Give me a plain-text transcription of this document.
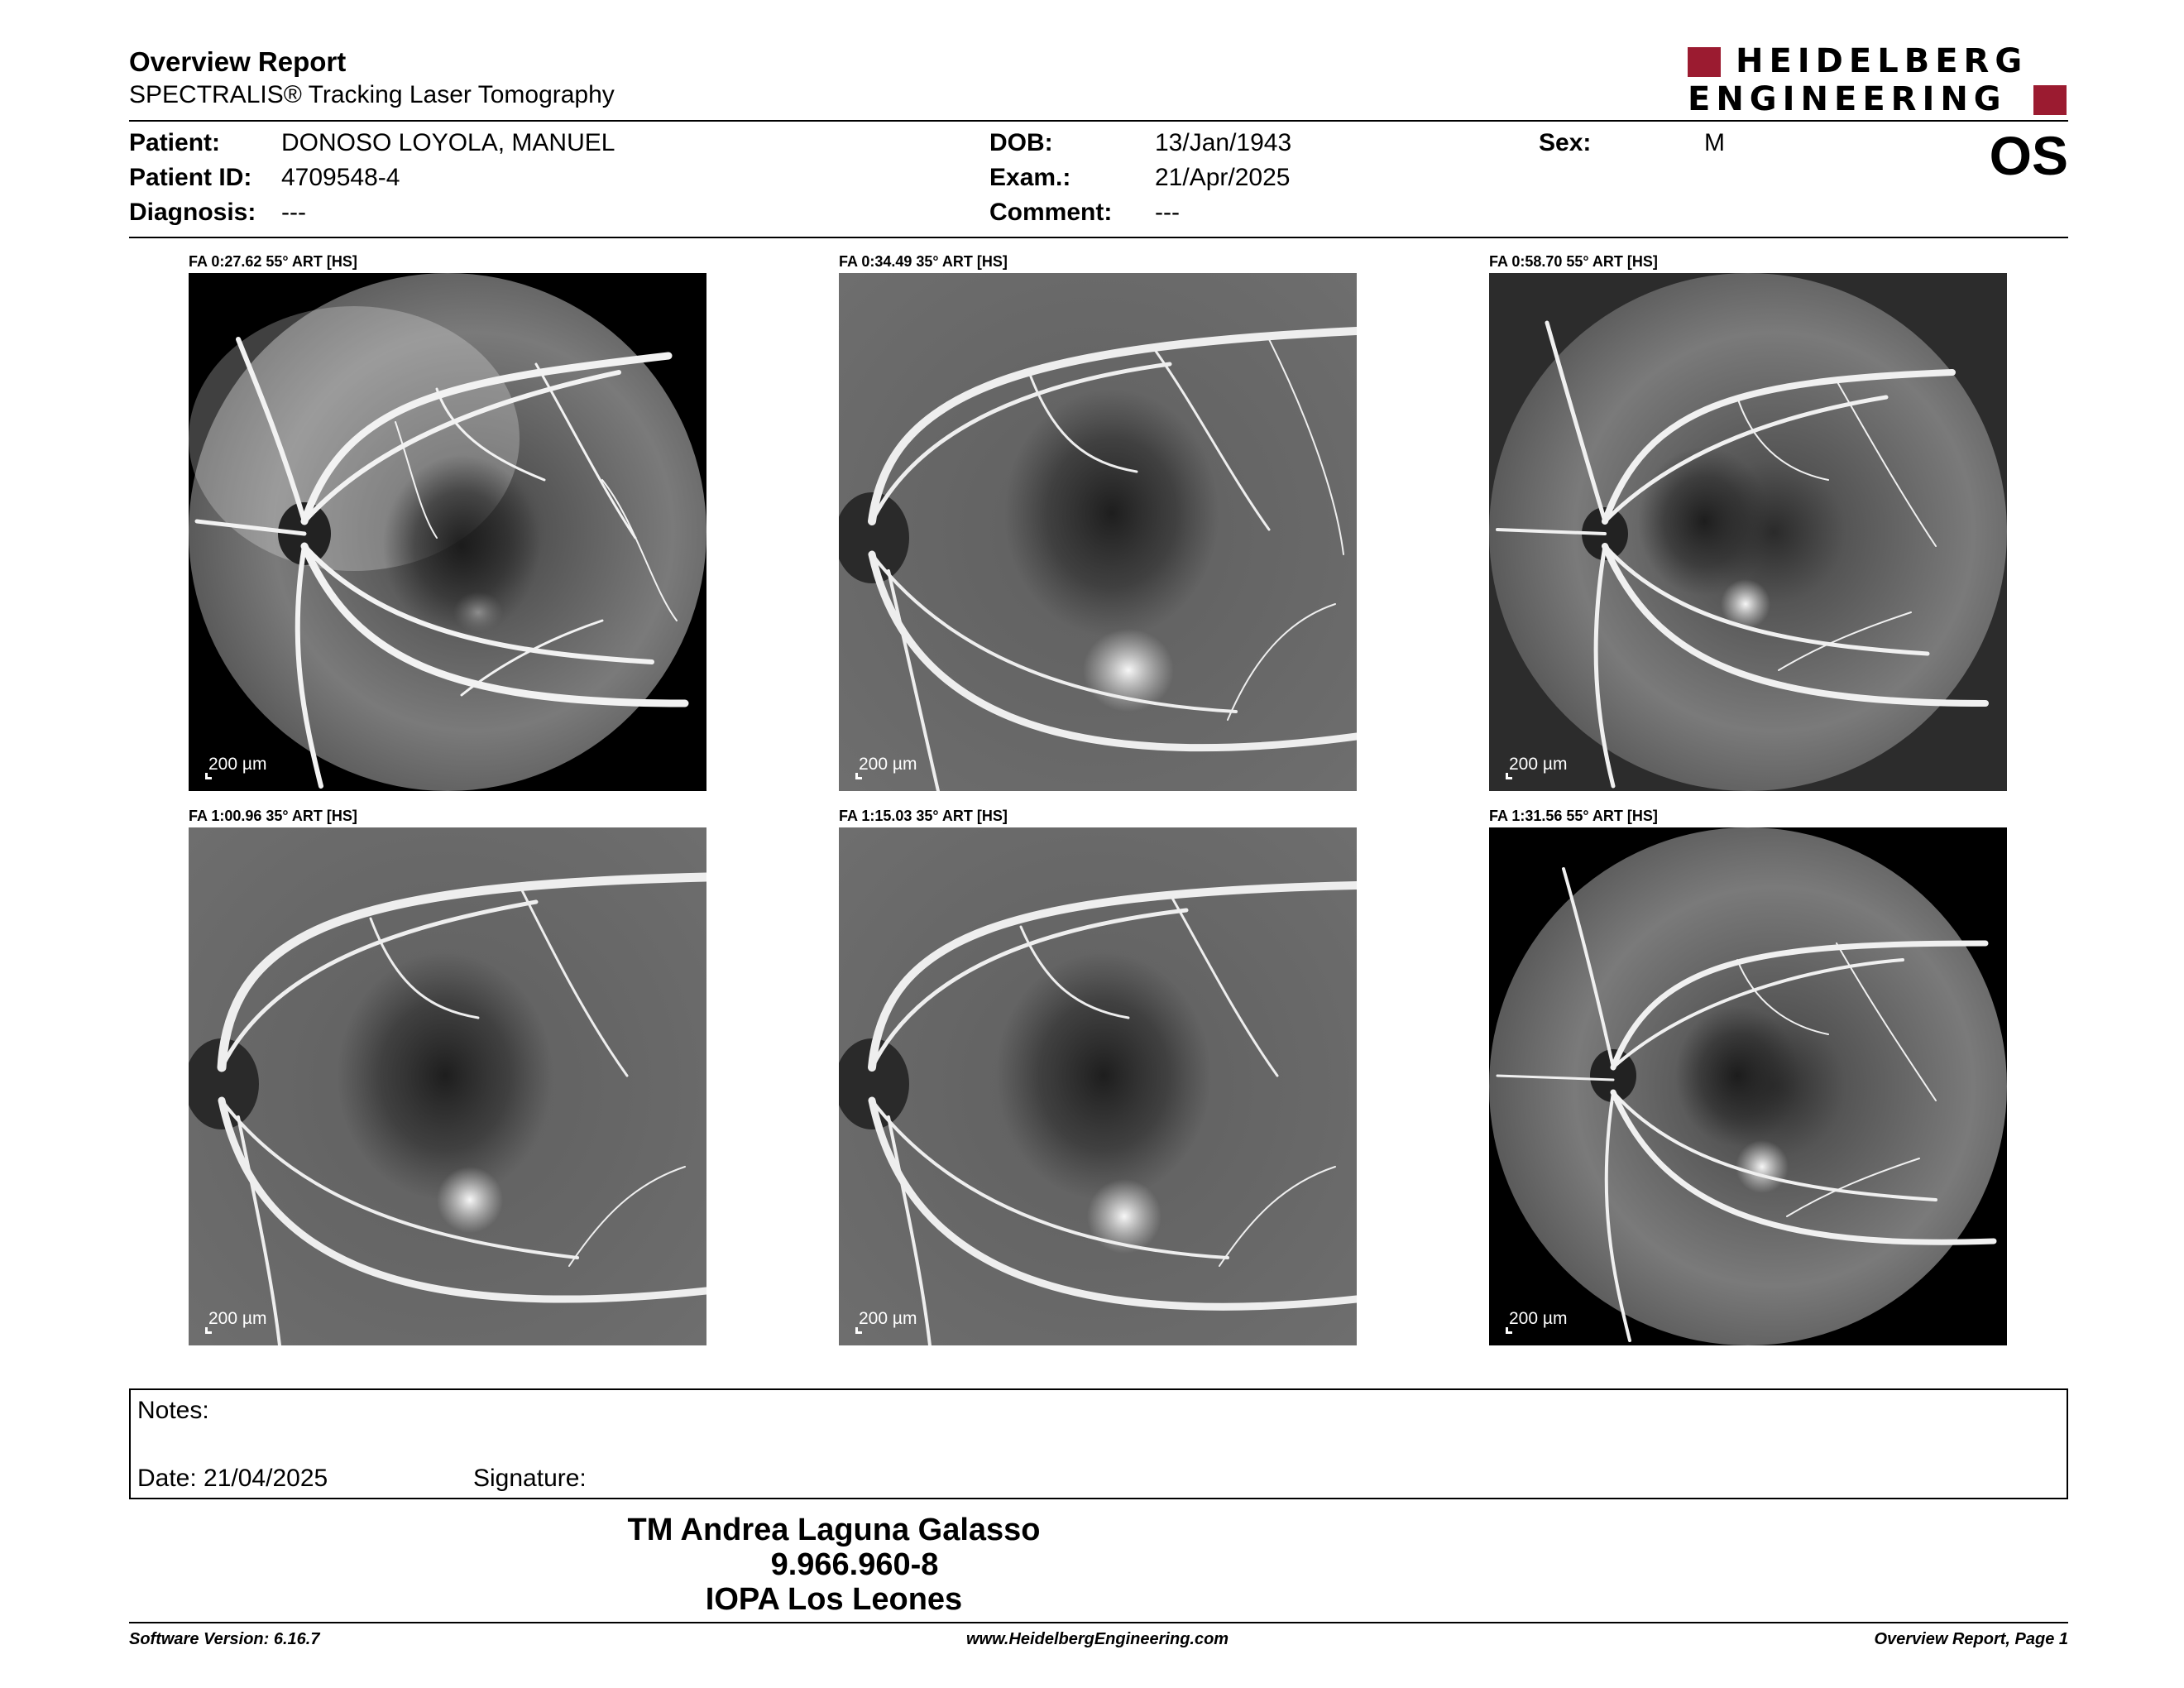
Overview Report
SPECTRALIS® Tracking Laser Tomography
HEIDELBERG
ENGINEERING
Patient: DONOSO LOYOLA, MANUEL
Patient ID: 4709548-4
Diagnosis: ---
DOB:	13/Jan/1943
Exam.:	21/Apr/2025
Comment: ---
Sex:	M	OS
FA 0:27.62 55° ART [HS]
200 µm
FA 0:34.49 35° ART [HS]
200 µm
FA 0:58.70 55° ART [HS]
200 µm
FA 1:00.96 35° ART [HS]
200 µm
FA 1:15.03 35° ART [HS]
200 µm
FA 1:31.56 55° ART [HS]
200 µm
Notes:
Date: 21/04/2025	Signature:
TM Andrea Laguna Galasso
9.966.960-8
IOPA Los Leones
Software Version: 6.16.7	www.HeidelbergEngineering.com	Overview Report, Page 1
